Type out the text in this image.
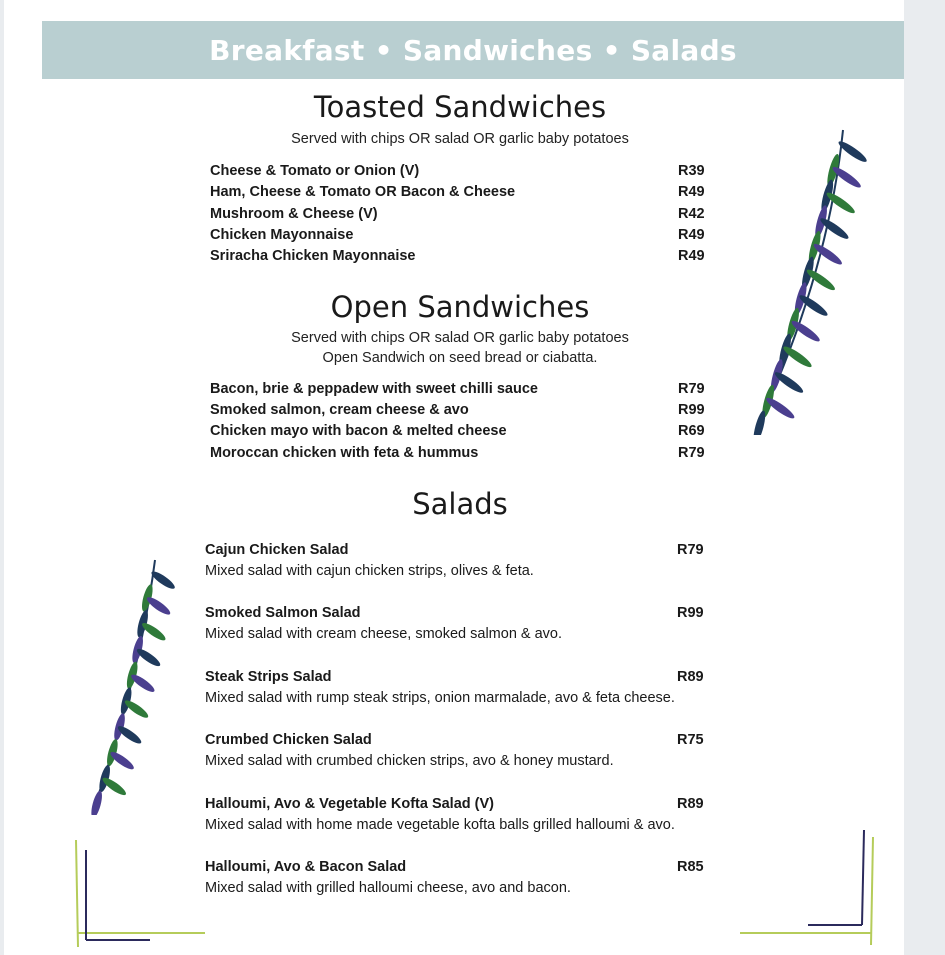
Breakfast • Sandwiches • Salads
Toasted Sandwiches
Served with chips OR salad OR garlic baby potatoes
Cheese & Tomato or Onion (V)	R39
Ham, Cheese & Tomato OR Bacon & Cheese	R49
Mushroom & Cheese (V)	R42
Chicken Mayonnaise	R49
Sriracha Chicken Mayonnaise	R49
Open Sandwiches
Served with chips OR salad OR garlic baby potatoes
Open Sandwich on seed bread or ciabatta.
Bacon, brie & peppadew with sweet chilli sauce	R79
Smoked salmon, cream cheese & avo	R99
Chicken mayo with bacon & melted cheese	R69
Moroccan chicken with feta & hummus	R79
Salads
Cajun Chicken Salad	R79
Mixed salad with cajun chicken strips, olives & feta.
Smoked Salmon Salad	R99
Mixed salad with cream cheese, smoked salmon & avo.
Steak Strips Salad	R89
Mixed salad with rump steak strips, onion marmalade, avo & feta cheese.
Crumbed Chicken Salad	R75
Mixed salad with crumbed chicken strips, avo & honey mustard.
Halloumi, Avo & Vegetable Kofta Salad (V)	R89
Mixed salad with home made vegetable kofta balls grilled halloumi & avo.
Halloumi, Avo & Bacon Salad	R85
Mixed salad with grilled halloumi cheese, avo and bacon.
